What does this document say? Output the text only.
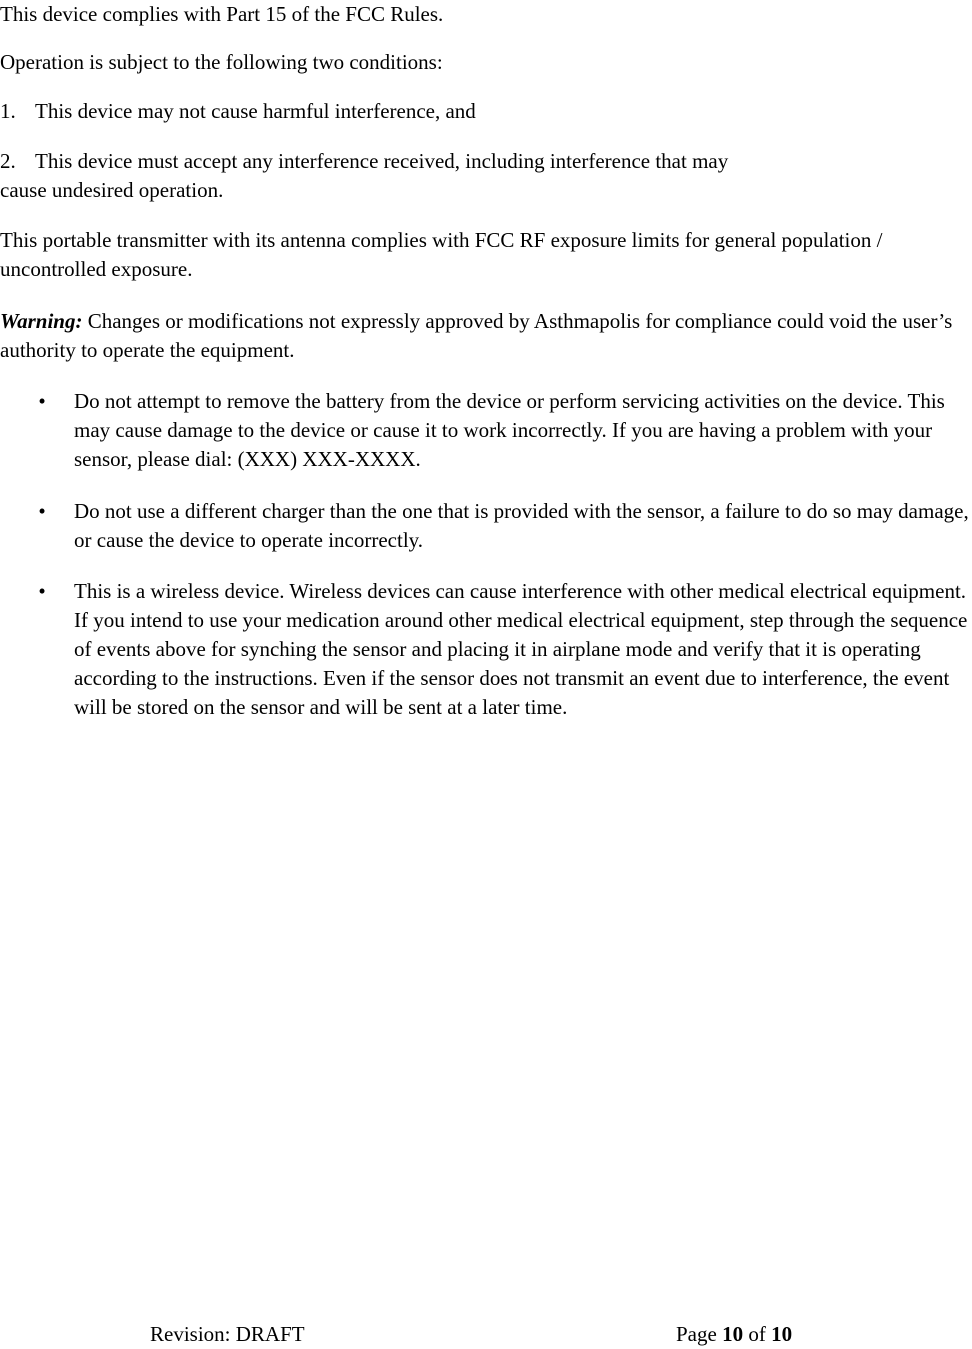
This device complies with Part 15 of the FCC Rules.

Operation is subject to the following two conditions:

1. This device may not cause harmful interference, and

2. This device must accept any interference received, including interference that may
cause undesired operation.

This portable transmitter with its antenna complies with FCC RF exposure limits for general population / uncontrolled exposure.

Warning: Changes or modifications not expressly approved by Asthmapolis for compliance could void the user’s authority to operate the equipment.

• Do not attempt to remove the battery from the device or perform servicing activities on the device. This may cause damage to the device or cause it to work incorrectly. If you are having a problem with your sensor, please dial: (XXX) XXX-XXXX.
• Do not use a different charger than the one that is provided with the sensor, a failure to do so may damage, or cause the device to operate incorrectly.
• This is a wireless device. Wireless devices can cause interference with other medical electrical equipment. If you intend to use your medication around other medical electrical equipment, step through the sequence of events above for synching the sensor and placing it in airplane mode and verify that it is operating according to the instructions. Even if the sensor does not transmit an event due to interference, the event will be stored on the sensor and will be sent at a later time.
Revision: DRAFT	Page 10 of 10
